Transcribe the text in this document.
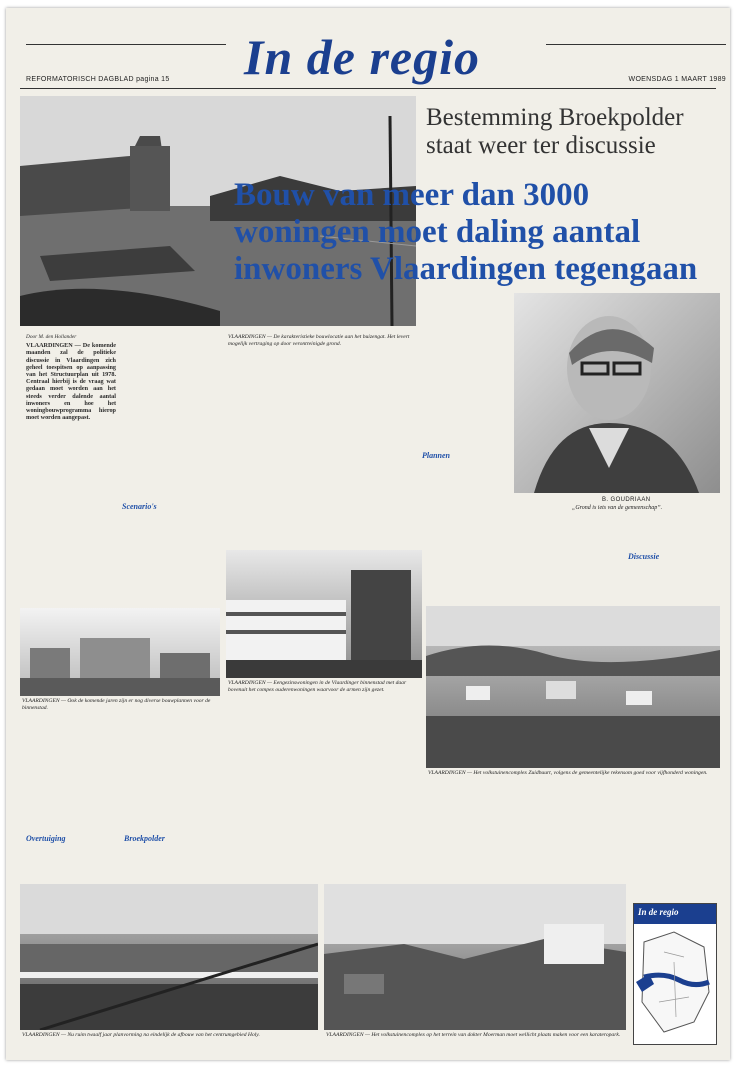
In de regio
REFORMATORISCH DAGBLAD pagina 15	WOENSDAG 1 MAART 1989
Bestemming Broekpolder
staat weer ter discussie
Bouw van meer dan 3000
woningen moet daling aantal
inwoners Vlaardingen tegengaan
B. GOUDRIAAN
„Grond is iets van de gemeenschap”.

Door M. den Hollander

VLAARDINGEN — De komende maanden zal de politieke discussie in Vlaardingen zich geheel toespitsen op aanpassing van het Structuurplan uit 1978. Centraal hierbij is de vraag wat gedaan moet worden aan het steeds verder dalende aantal inwoners en hoe het woningbouwprogramma hierop moet worden aangepast.

Scenario's
VLAARDINGEN — De karakteristieke bouwlocatie aan het buizengat. Het levert mogelijk vertraging op door verontreinigde grond.
Plannen
VLAARDINGEN — Ook de komende jaren zijn er nog diverse bouwplannen voor de binnenstad.
VLAARDINGEN — Eengezinswoningen in de Vlaardinger binnenstad met daar bovenuit het compex ouderenwoningen waarvoor de armen zijn gezet.
VLAARDINGEN — Het volkstuinencomplex Zuidbuurt, volgens de gemeentelijke rekensom goed voor vijfhonderd woningen.
Overtuiging	Broekpolder
Discussie
VLAARDINGEN — Nu ruim twaalf jaar planvorming na eindelijk de afbouw van het centrumgebied Holy.	VLAARDINGEN — Het volkstuinencomplex op het terrein van dokter Moerman moet wellicht plaats maken voor een karateropark.
In de regio
